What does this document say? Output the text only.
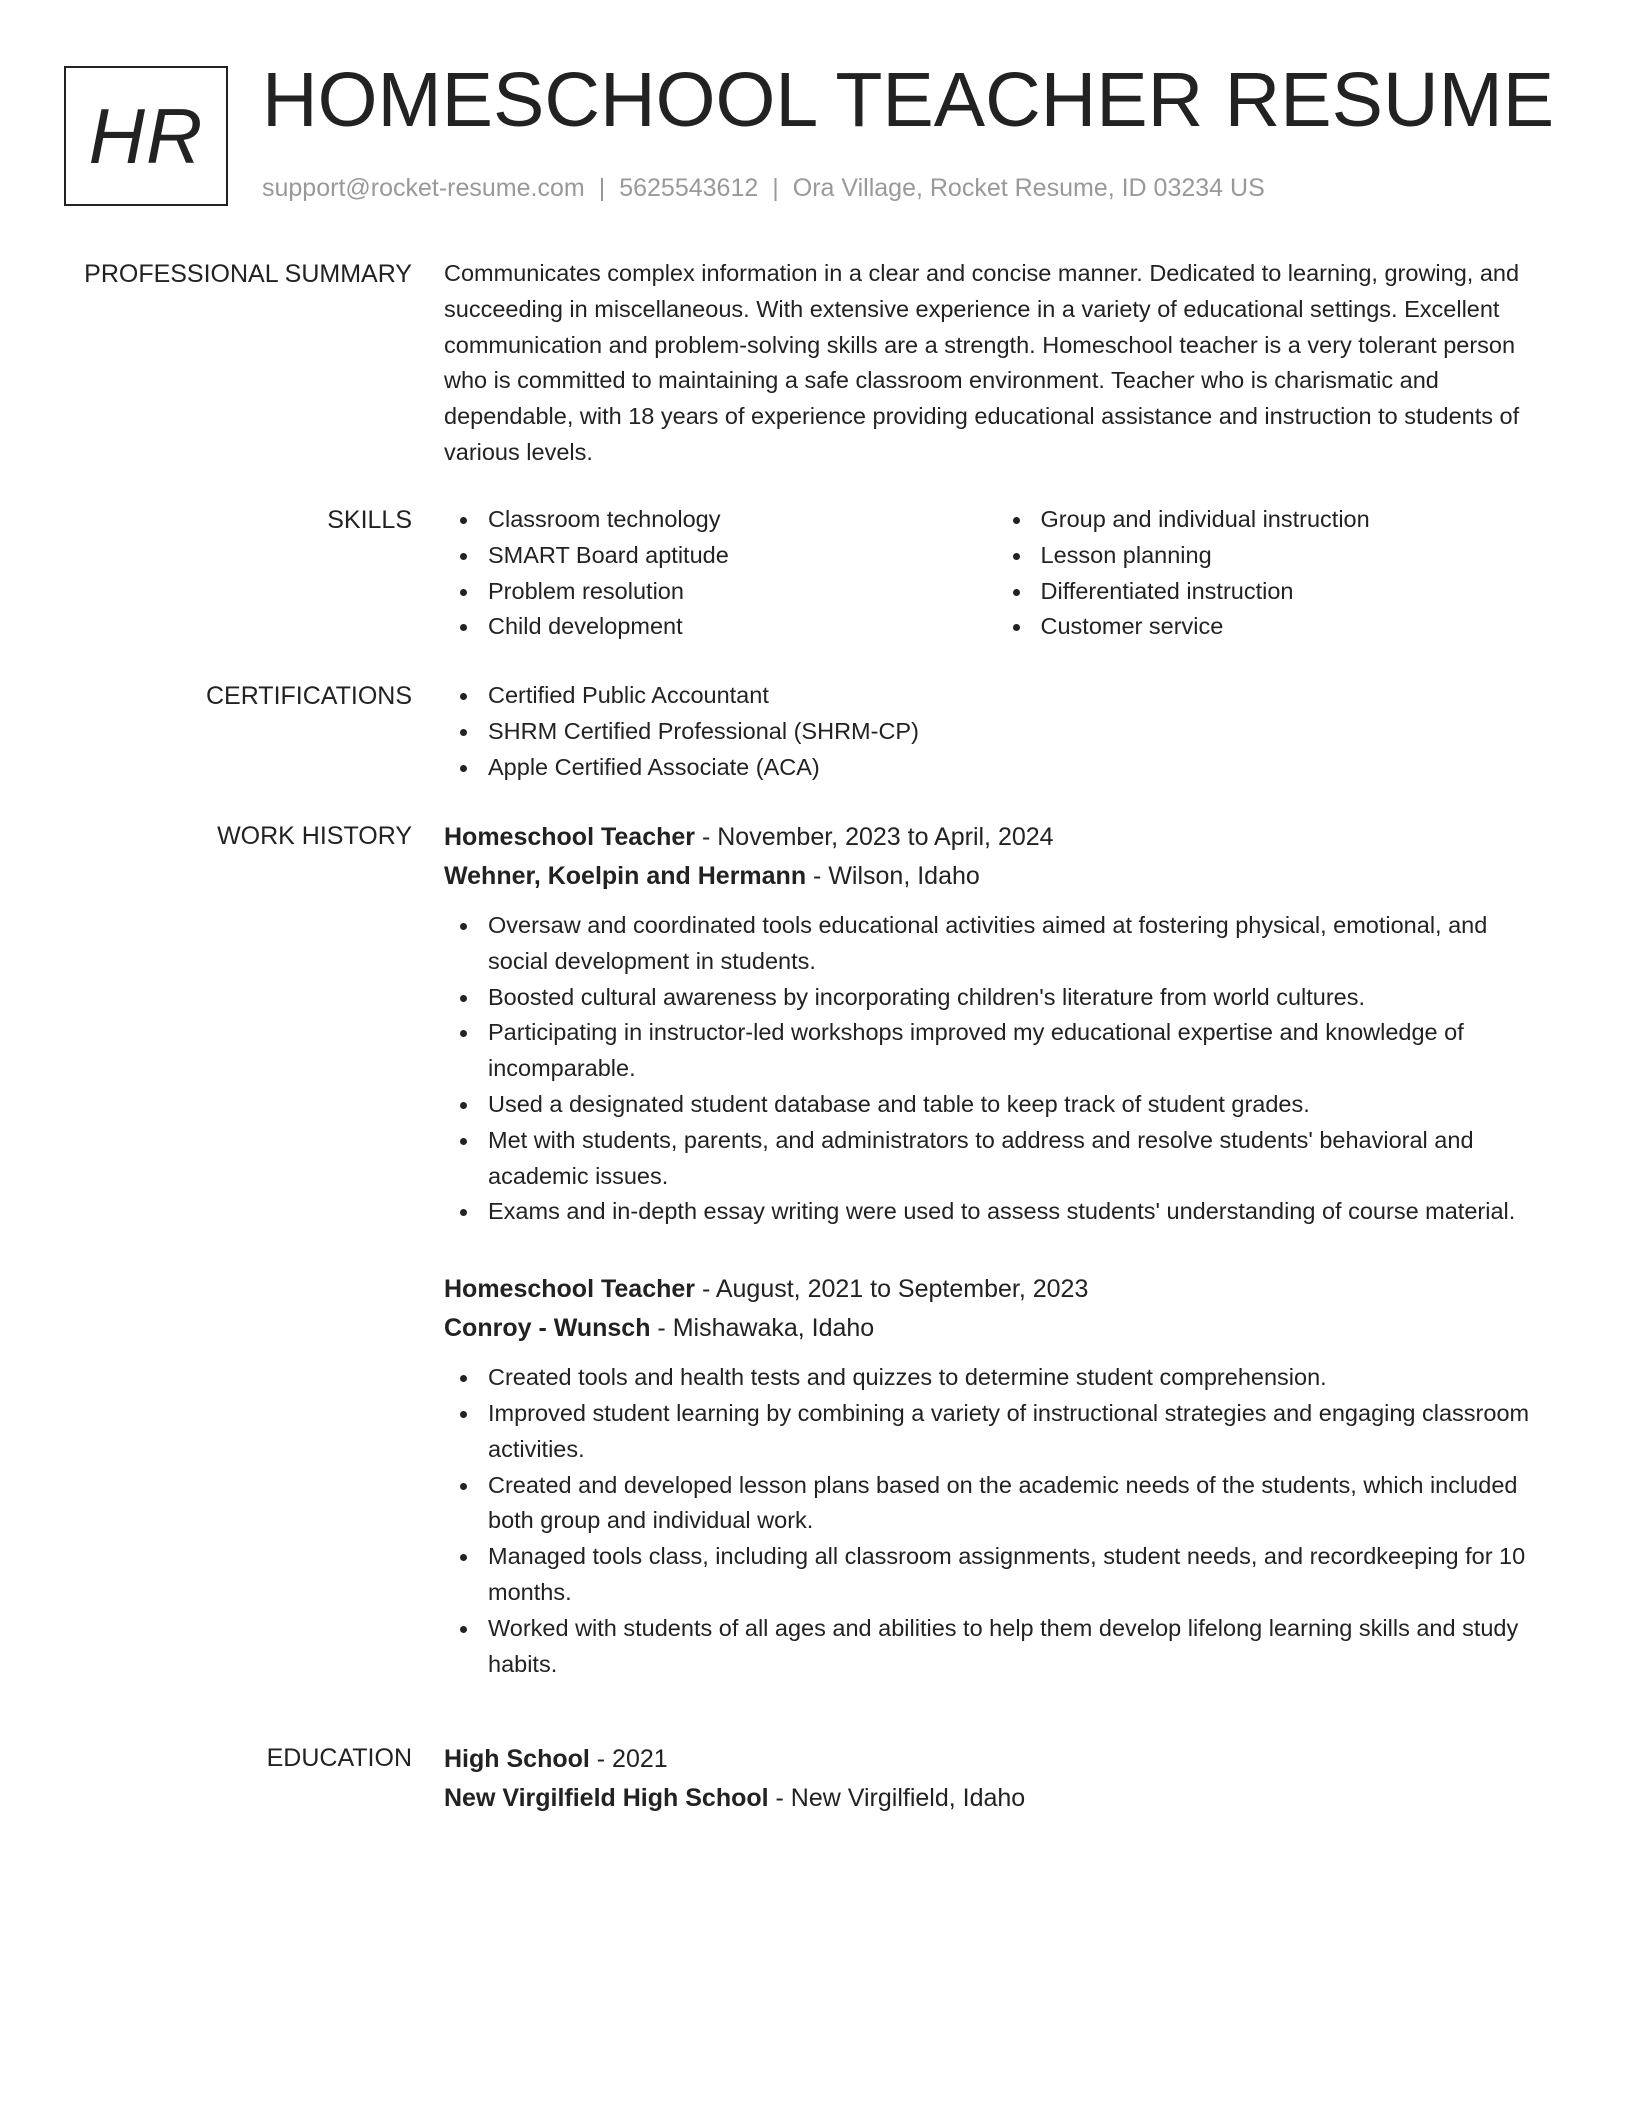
HR HOMESCHOOL TEACHER RESUME
support@rocket-resume.com | 5625543612 | Ora Village, Rocket Resume, ID 03234 US
PROFESSIONAL SUMMARY Communicates complex information in a clear and concise manner. Dedicated to learning, growing, and succeeding in miscellaneous. With extensive experience in a variety of educational settings. Excellent communication and problem-solving skills are a strength. Homeschool teacher is a very tolerant person who is committed to maintaining a safe classroom environment. Teacher who is charismatic and dependable, with 18 years of experience providing educational assistance and instruction to students of various levels.

SKILLS	Classroom technology
SMART Board aptitude
Problem resolution
Child development
Group and individual instruction
Lesson planning
Differentiated instruction
Customer service
CERTIFICATIONS	Certified Public Accountant
SHRM Certified Professional (SHRM-CP)
Apple Certified Associate (ACA)
WORK HISTORY Homeschool Teacher - November, 2023 to April, 2024
Wehner, Koelpin and Hermann - Wilson, Idaho
Oversaw and coordinated tools educational activities aimed at fostering physical, emotional, and social development in students.
Boosted cultural awareness by incorporating children's literature from world cultures.
Participating in instructor-led workshops improved my educational expertise and knowledge of incomparable.
Used a designated student database and table to keep track of student grades.
Met with students, parents, and administrators to address and resolve students' behavioral and academic issues.
Exams and in-depth essay writing were used to assess students' understanding of course material.
Homeschool Teacher - August, 2021 to September, 2023
Conroy - Wunsch - Mishawaka, Idaho
Created tools and health tests and quizzes to determine student comprehension.
Improved student learning by combining a variety of instructional strategies and engaging classroom activities.
Created and developed lesson plans based on the academic needs of the students, which included both group and individual work.
Managed tools class, including all classroom assignments, student needs, and recordkeeping for 10 months.
Worked with students of all ages and abilities to help them develop lifelong learning skills and study habits.
EDUCATION High School - 2021
New Virgilfield High School - New Virgilfield, Idaho
